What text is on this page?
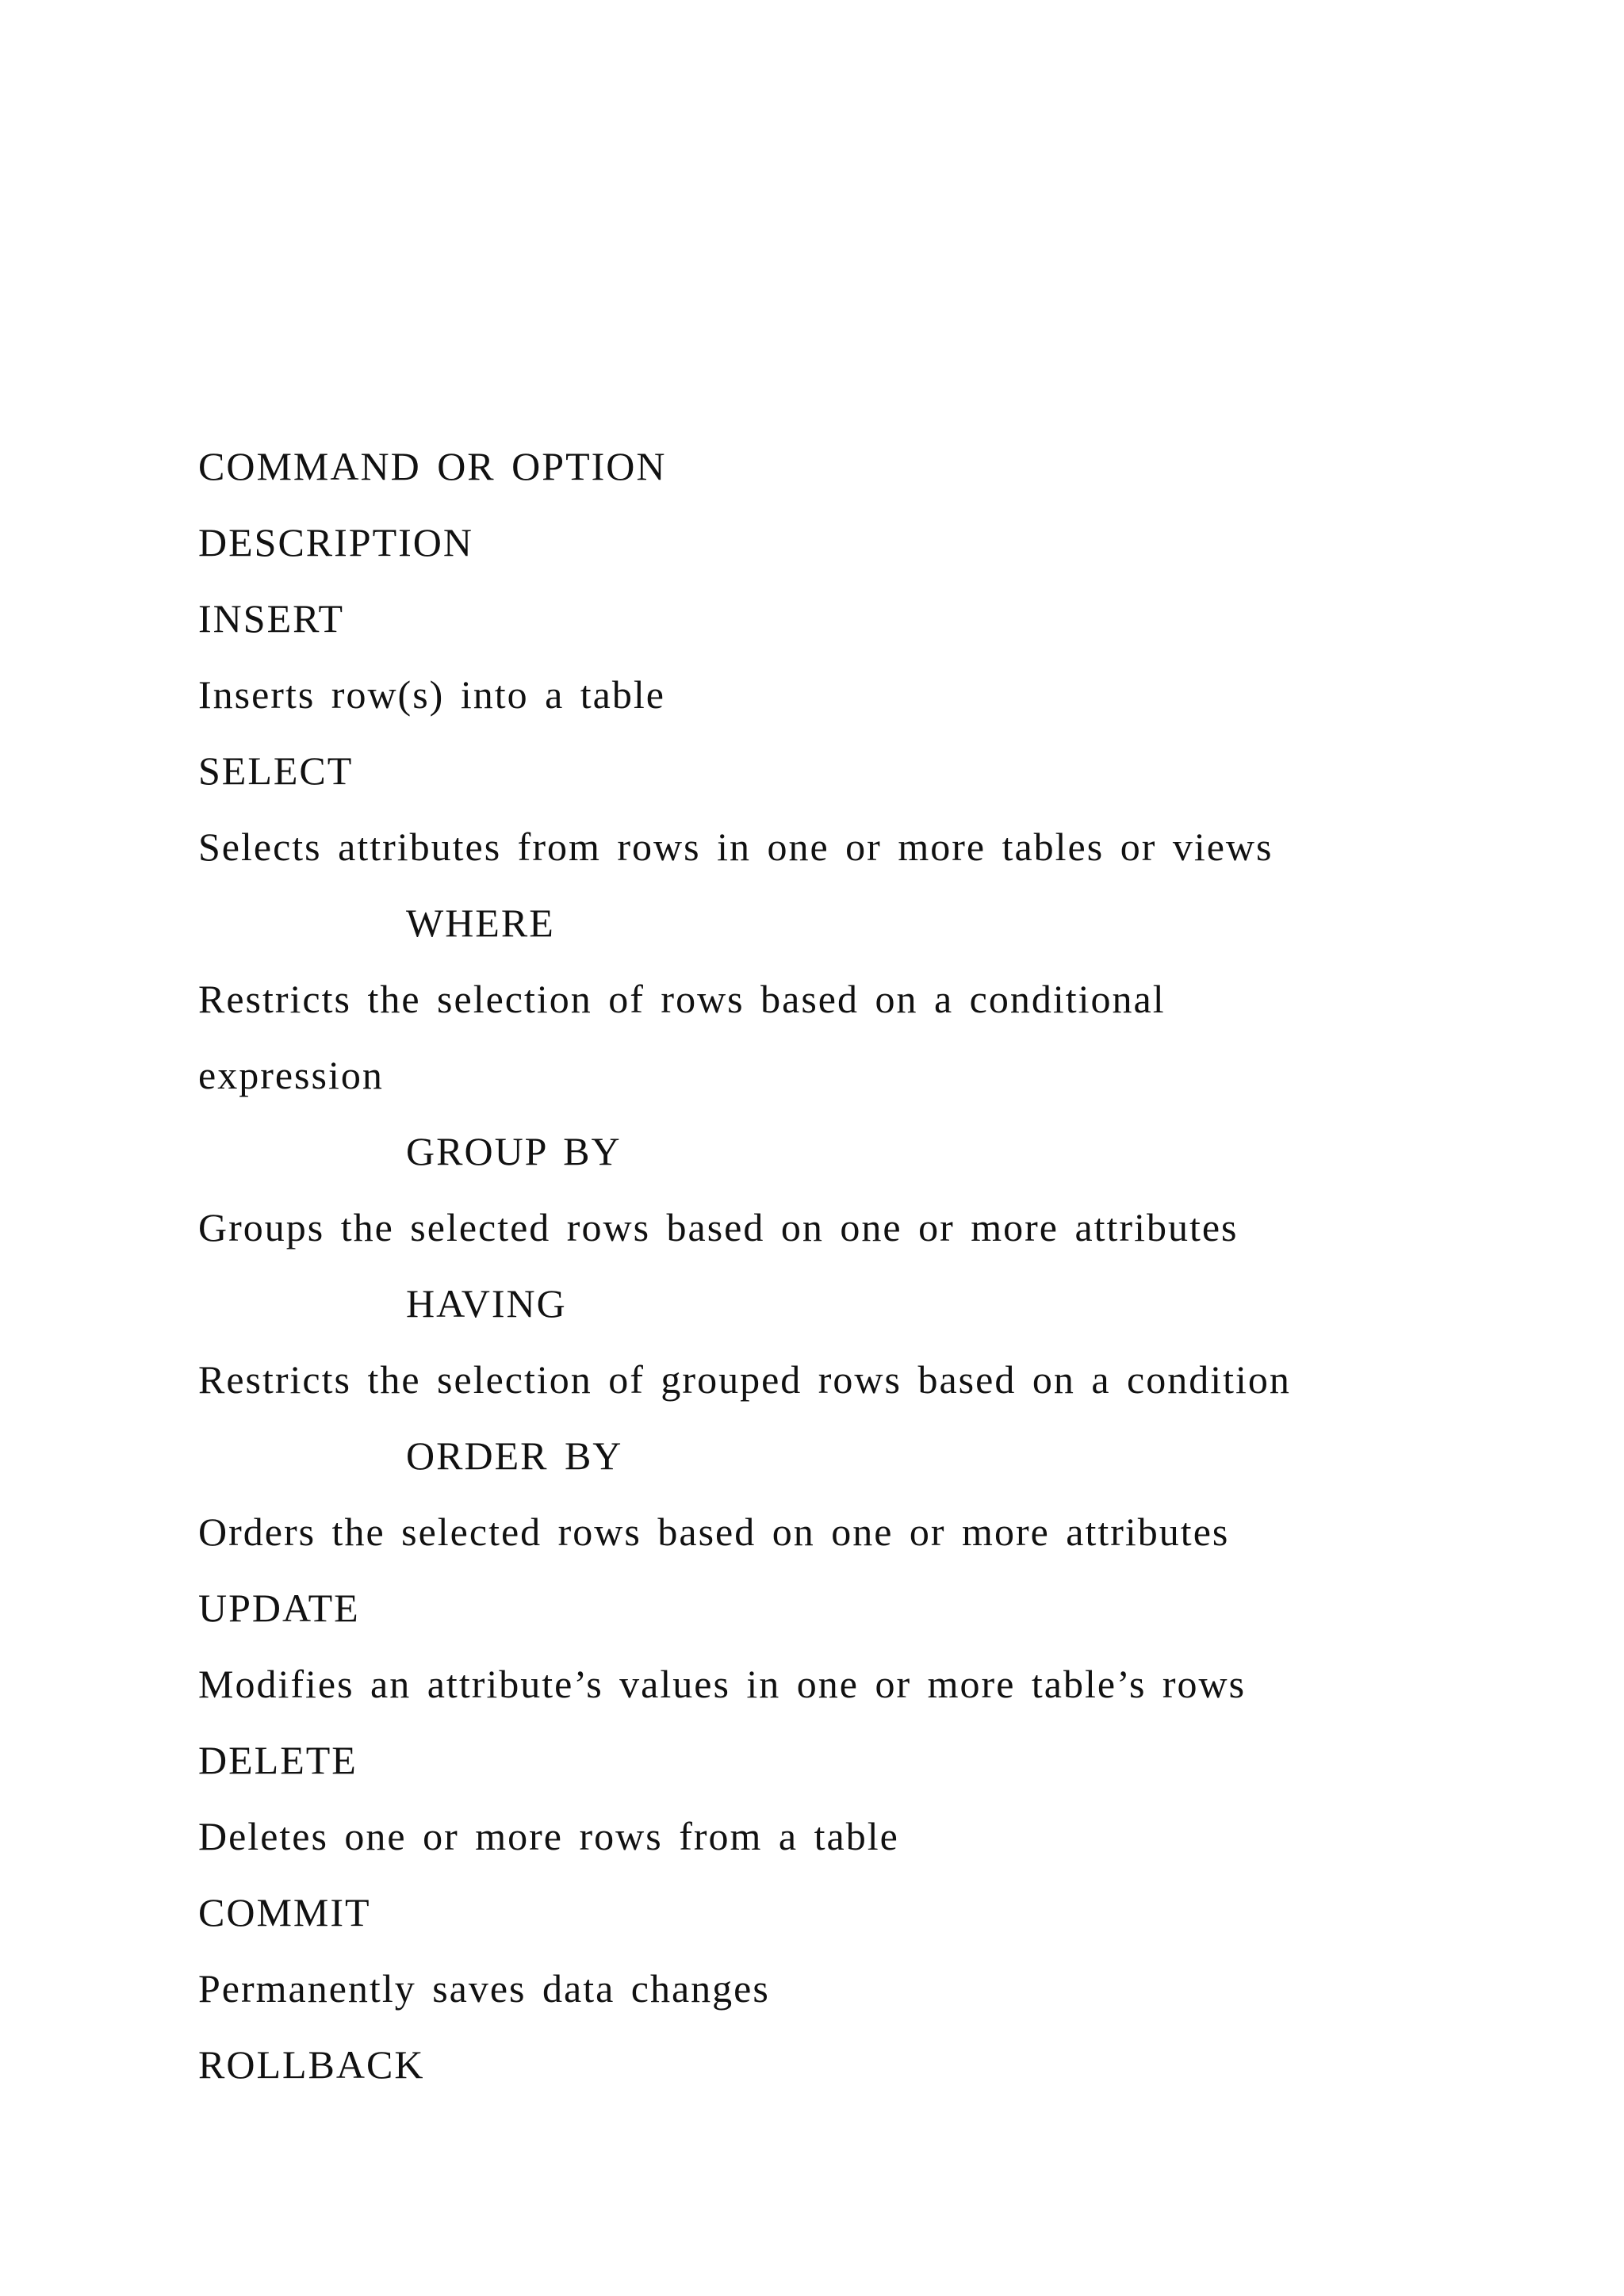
COMMAND OR OPTION
DESCRIPTION
INSERT
Inserts row(s) into a table
SELECT
Selects attributes from rows in one or more tables or views
WHERE
Restricts the selection of rows based on a conditional
expression
GROUP BY
Groups the selected rows based on one or more attributes
HAVING
Restricts the selection of grouped rows based on a condition
ORDER BY
Orders the selected rows based on one or more attributes
UPDATE
Modifies an attribute’s values in one or more table’s rows
DELETE
Deletes one or more rows from a table
COMMIT
Permanently saves data changes
ROLLBACK
